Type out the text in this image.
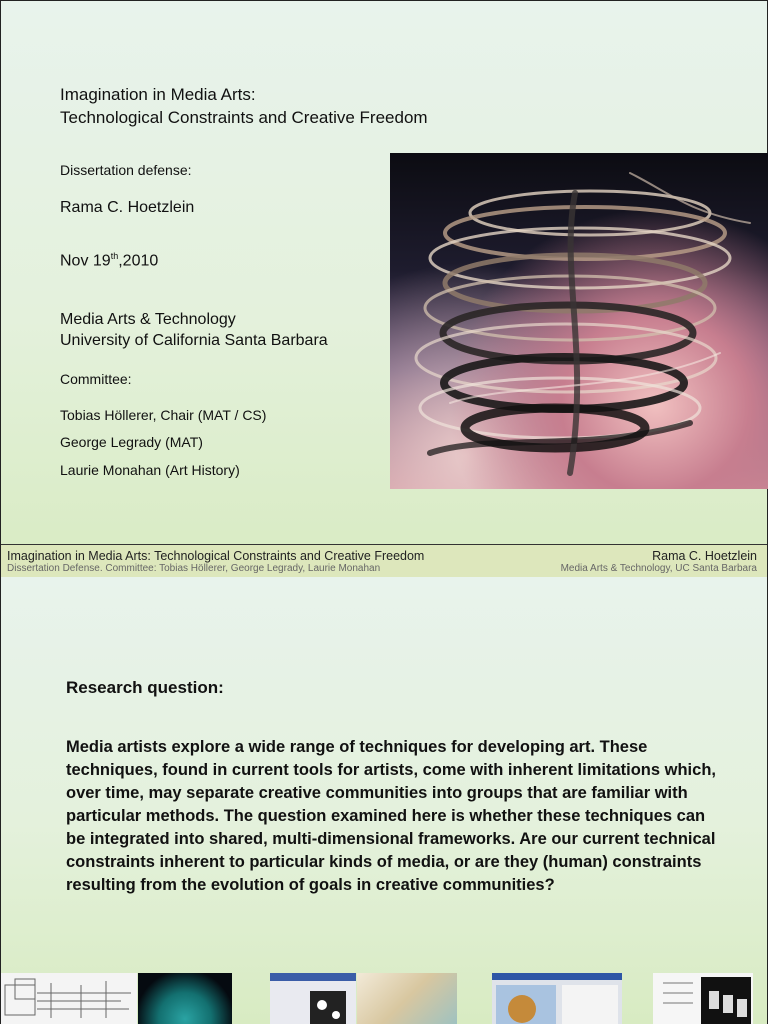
Imagination in Media Arts:
Technological Constraints and Creative Freedom
Dissertation defense:
Rama C. Hoetzlein
Nov 19th,2010
Media Arts & Technology
University of California Santa Barbara
Committee:
Tobias Höllerer, Chair (MAT / CS)
George Legrady (MAT)
Laurie Monahan (Art History)
Imagination in Media Arts: Technological Constraints and Creative Freedom
Dissertation Defense. Committee: Tobias Höllerer, George Legrady, Laurie Monahan
Rama C. Hoetzlein
Media Arts & Technology, UC Santa Barbara
Research question:
Media artists explore a wide range of techniques for developing art. These techniques, found in current tools for artists, come with inherent limitations which, over time, may separate creative communities into groups that are familiar with particular methods. The question examined here is whether these techniques can be integrated into shared, multi-dimensional frameworks. Are our current technical constraints inherent to particular kinds of media, or are they (human) constraints resulting from the evolution of goals in creative communities?
